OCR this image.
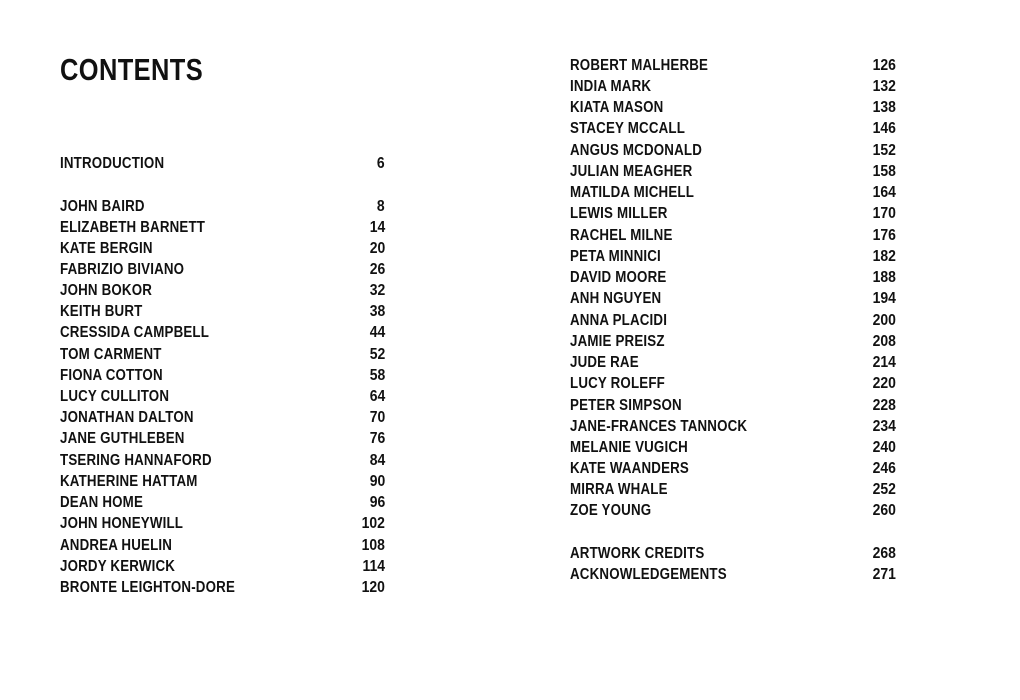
CONTENTS
INTRODUCTION	6
JOHN BAIRD	8
ELIZABETH BARNETT	14
KATE BERGIN	20
FABRIZIO BIVIANO	26
JOHN BOKOR	32
KEITH BURT	38
CRESSIDA CAMPBELL	44
TOM CARMENT	52
FIONA COTTON	58
LUCY CULLITON	64
JONATHAN DALTON	70
JANE GUTHLEBEN	76
TSERING HANNAFORD	84
KATHERINE HATTAM	90
DEAN HOME	96
JOHN HONEYWILL	102
ANDREA HUELIN	108
JORDY KERWICK	114
BRONTE LEIGHTON-DORE	120
ROBERT MALHERBE	126
INDIA MARK	132
KIATA MASON	138
STACEY MCCALL	146
ANGUS MCDONALD	152
JULIAN MEAGHER	158
MATILDA MICHELL	164
LEWIS MILLER	170
RACHEL MILNE	176
PETA MINNICI	182
DAVID MOORE	188
ANH NGUYEN	194
ANNA PLACIDI	200
JAMIE PREISZ	208
JUDE RAE	214
LUCY ROLEFF	220
PETER SIMPSON	228
JANE-FRANCES TANNOCK	234
MELANIE VUGICH	240
KATE WAANDERS	246
MIRRA WHALE	252
ZOE YOUNG	260
ARTWORK CREDITS	268
ACKNOWLEDGEMENTS	271
